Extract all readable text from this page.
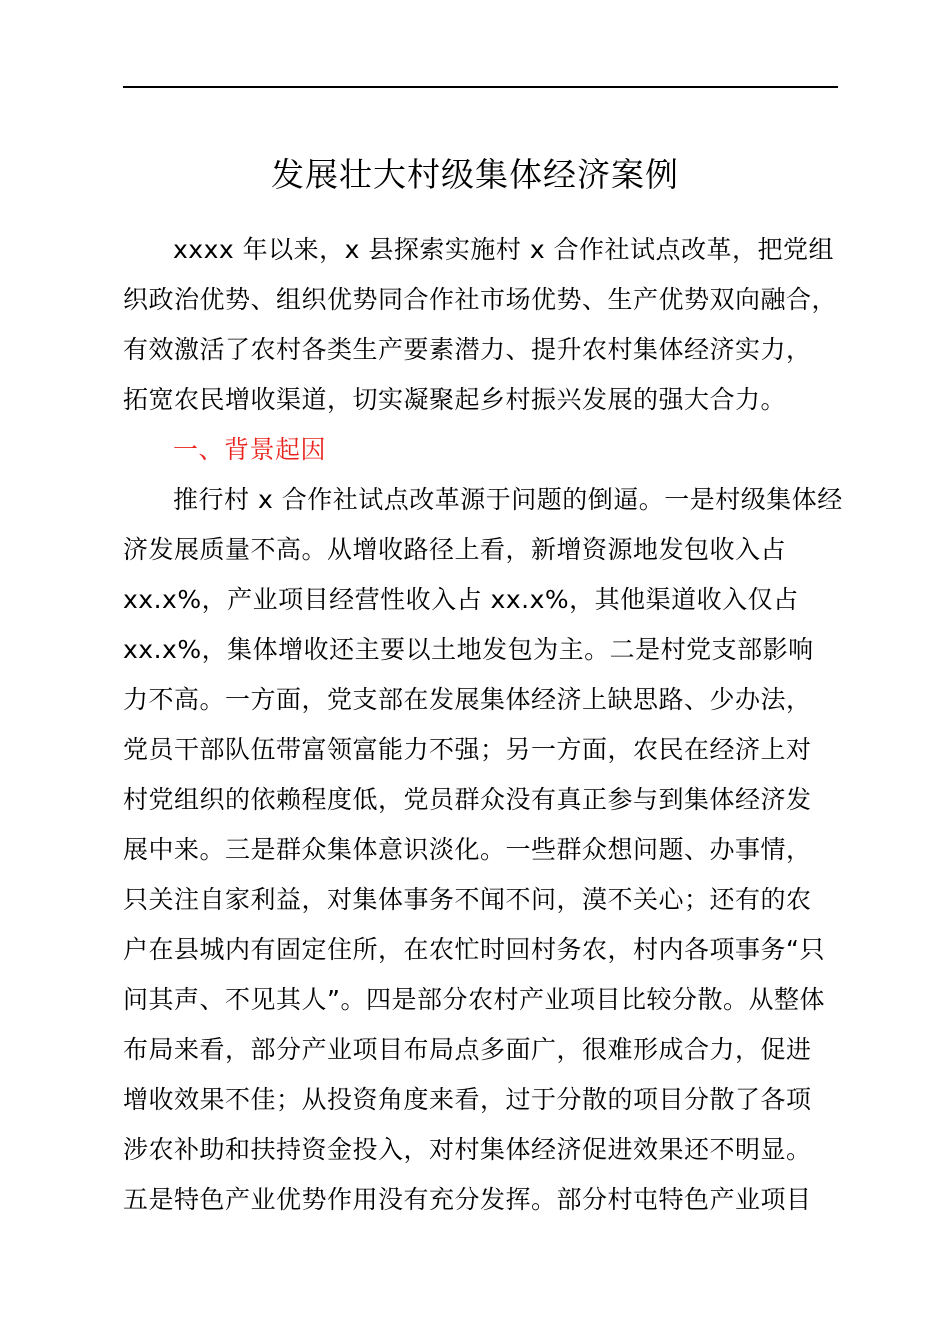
发展壮大村级集体经济案例
xxxx 年以来，x 县探索实施村 x 合作社试点改革，把党组
织政治优势、组织优势同合作社市场优势、生产优势双向融合，
有效激活了农村各类生产要素潜力、提升农村集体经济实力，
拓宽农民增收渠道，切实凝聚起乡村振兴发展的强大合力。
一、背景起因
推行村 x 合作社试点改革源于问题的倒逼。一是村级集体经
济发展质量不高。从增收路径上看，新增资源地发包收入占
xx.x%，产业项目经营性收入占 xx.x%，其他渠道收入仅占
xx.x%，集体增收还主要以土地发包为主。二是村党支部影响
力不高。一方面，党支部在发展集体经济上缺思路、少办法，
党员干部队伍带富领富能力不强；另一方面，农民在经济上对
村党组织的依赖程度低，党员群众没有真正参与到集体经济发
展中来。三是群众集体意识淡化。一些群众想问题、办事情，
只关注自家利益，对集体事务不闻不问，漠不关心；还有的农
户在县城内有固定住所，在农忙时回村务农，村内各项事务“只
问其声、不见其人”。四是部分农村产业项目比较分散。从整体
布局来看，部分产业项目布局点多面广，很难形成合力，促进
增收效果不佳；从投资角度来看，过于分散的项目分散了各项
涉农补助和扶持资金投入，对村集体经济促进效果还不明显。
五是特色产业优势作用没有充分发挥。部分村屯特色产业项目
